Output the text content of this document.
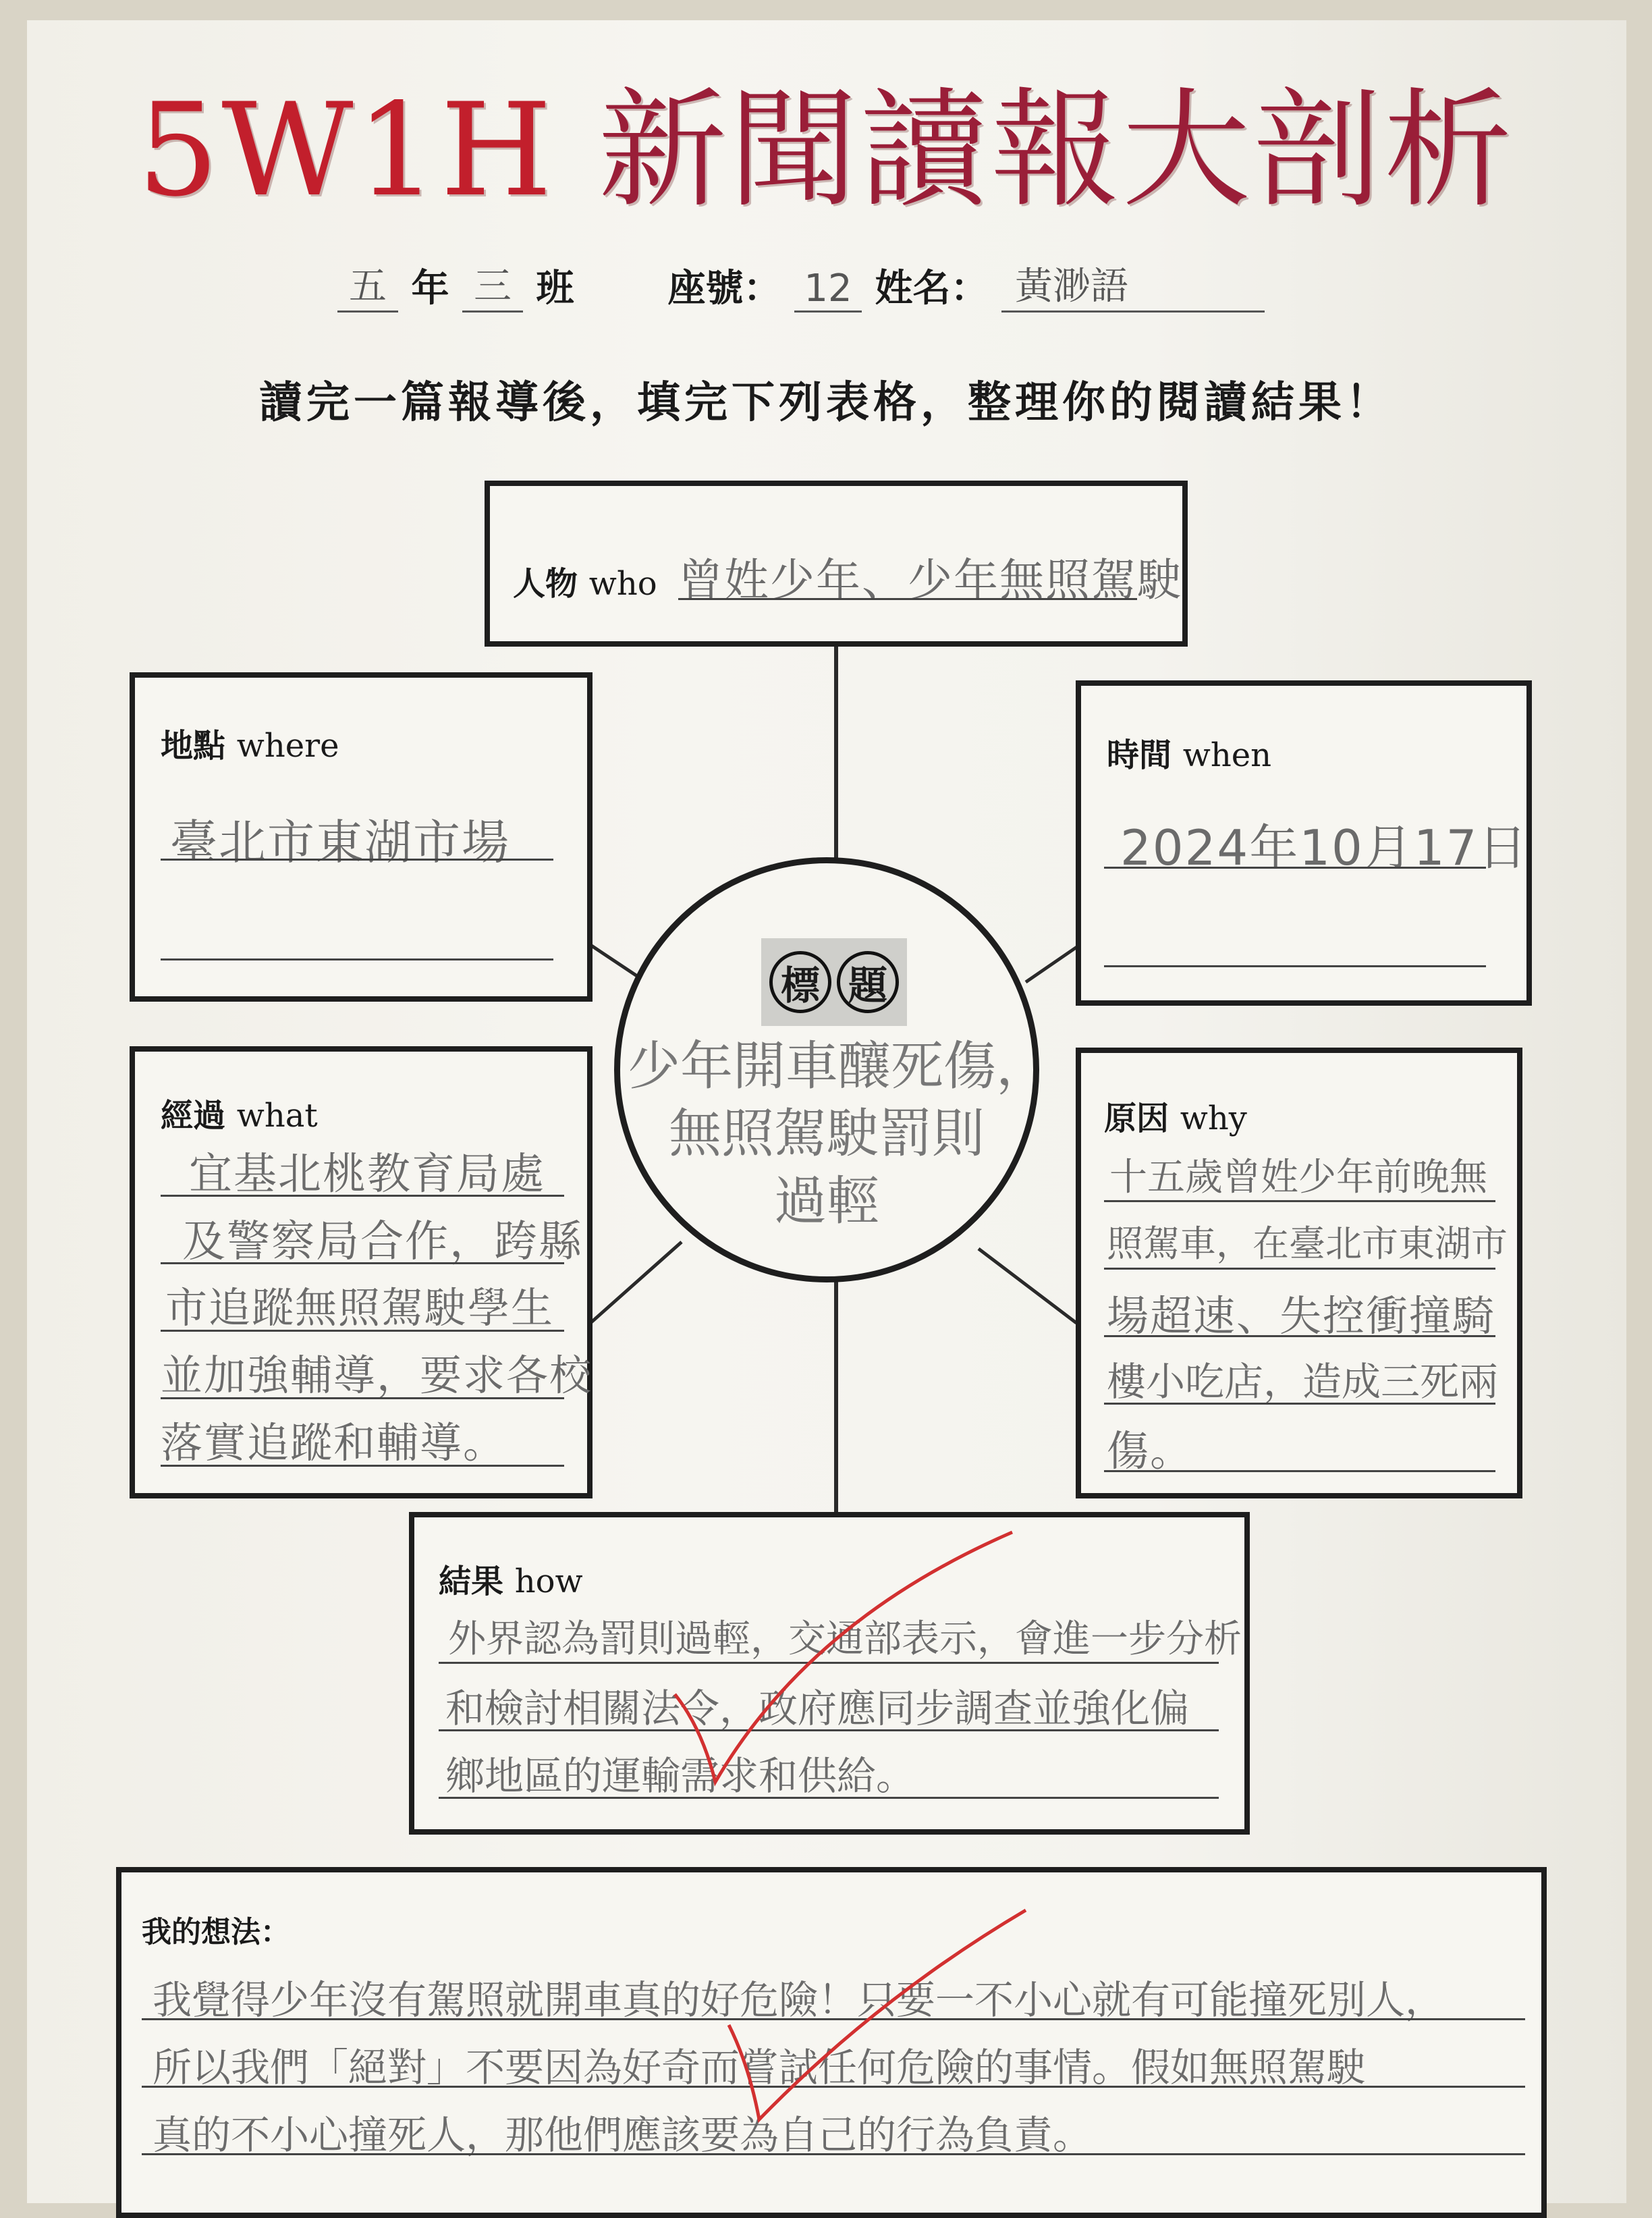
5W1H 新聞讀報大剖析
五 年 三 班 座號： 12 姓名： 黃渺語
讀完一篇報導後，填完下列表格，整理你的閱讀結果！
人物 who 曾姓少年、少年無照駕駛
地點 where
臺北市東湖市場
時間 when
2024年10月17日
標 題
少年開車釀死傷，
無照駕駛罰則
過輕
經過 what
宜基北桃教育局處
及警察局合作，跨縣
市追蹤無照駕駛學生
並加強輔導，要求各校
落實追蹤和輔導。
原因 why
十五歲曾姓少年前晚無
照駕車，在臺北市東湖市
場超速、失控衝撞騎
樓小吃店，造成三死兩
傷。
結果 how
外界認為罰則過輕，交通部表示，會進一步分析
和檢討相關法令，政府應同步調查並強化偏
鄉地區的運輸需求和供給。
我的想法：
我覺得少年沒有駕照就開車真的好危險！只要一不小心就有可能撞死別人，
所以我們「絕對」不要因為好奇而嘗試任何危險的事情。假如無照駕駛
真的不小心撞死人，那他們應該要為自己的行為負責。
